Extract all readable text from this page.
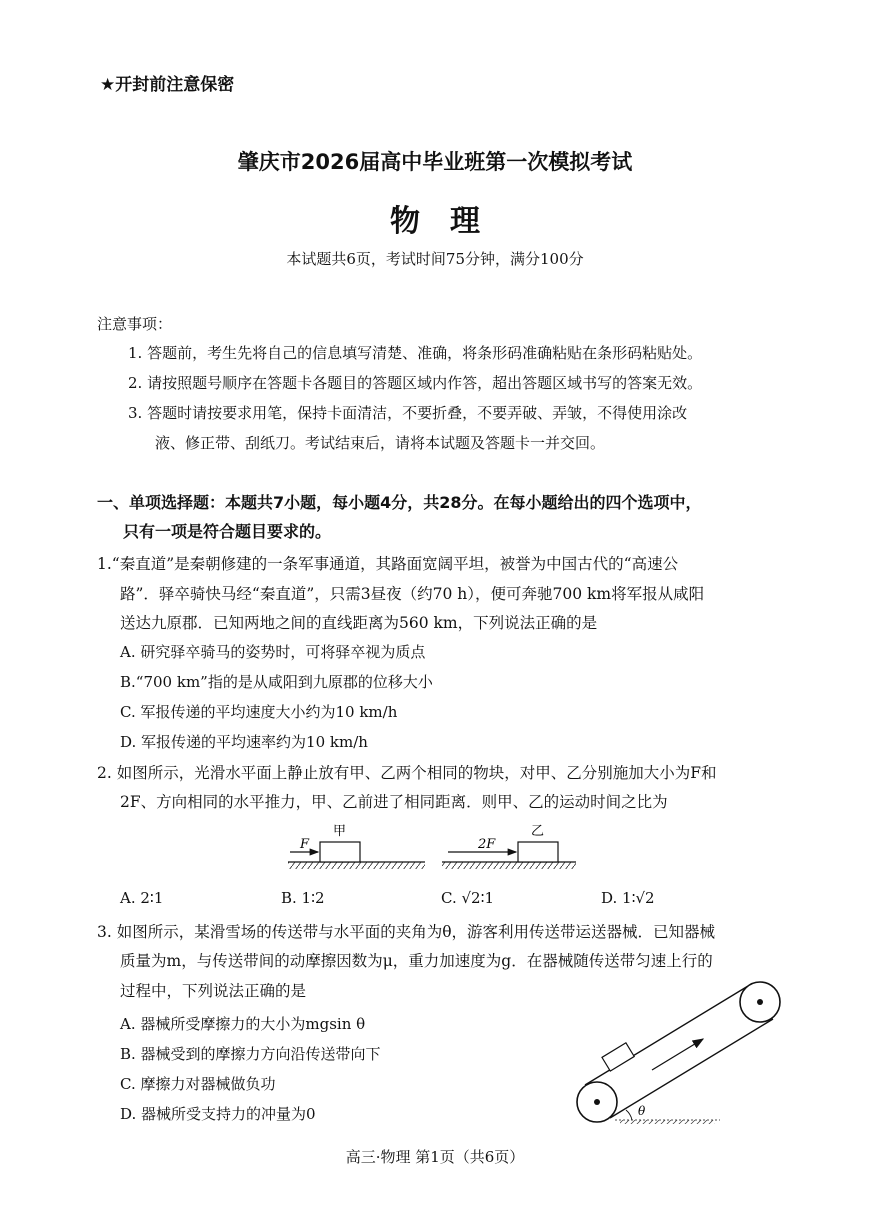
★开封前注意保密
肇庆市2026届高中毕业班第一次模拟考试
物理
本试题共6页，考试时间75分钟，满分100分
注意事项：
1. 答题前，考生先将自己的信息填写清楚、准确，将条形码准确粘贴在条形码粘贴处。
2. 请按照题号顺序在答题卡各题目的答题区域内作答，超出答题区域书写的答案无效。
3. 答题时请按要求用笔，保持卡面清洁，不要折叠，不要弄破、弄皱，不得使用涂改
液、修正带、刮纸刀。考试结束后，请将本试题及答题卡一并交回。
一、单项选择题：本题共7小题，每小题4分，共28分。在每小题给出的四个选项中，
只有一项是符合题目要求的。
1.“秦直道”是秦朝修建的一条军事通道，其路面宽阔平坦，被誉为中国古代的“高速公
路”．驿卒骑快马经“秦直道”，只需3昼夜（约70 h），便可奔驰700 km将军报从咸阳
送达九原郡．已知两地之间的直线距离为560 km，下列说法正确的是
A. 研究驿卒骑马的姿势时，可将驿卒视为质点
B.“700 km”指的是从咸阳到九原郡的位移大小
C. 军报传递的平均速度大小约为10 km/h
D. 军报传递的平均速率约为10 km/h
2. 如图所示，光滑水平面上静止放有甲、乙两个相同的物块，对甲、乙分别施加大小为F和
2F、方向相同的水平推力，甲、乙前进了相同距离．则甲、乙的运动时间之比为
F
甲
2F
乙
A. 2∶1	B. 1∶2	C. √2∶1	D. 1∶√2
3. 如图所示，某滑雪场的传送带与水平面的夹角为θ，游客利用传送带运送器械．已知器械
质量为m，与传送带间的动摩擦因数为μ，重力加速度为g．在器械随传送带匀速上行的
过程中，下列说法正确的是
A. 器械所受摩擦力的大小为mgsin θ
B. 器械受到的摩擦力方向沿传送带向下
C. 摩擦力对器械做负功
D. 器械所受支持力的冲量为0	θ
高三·物理 第1页（共6页）
